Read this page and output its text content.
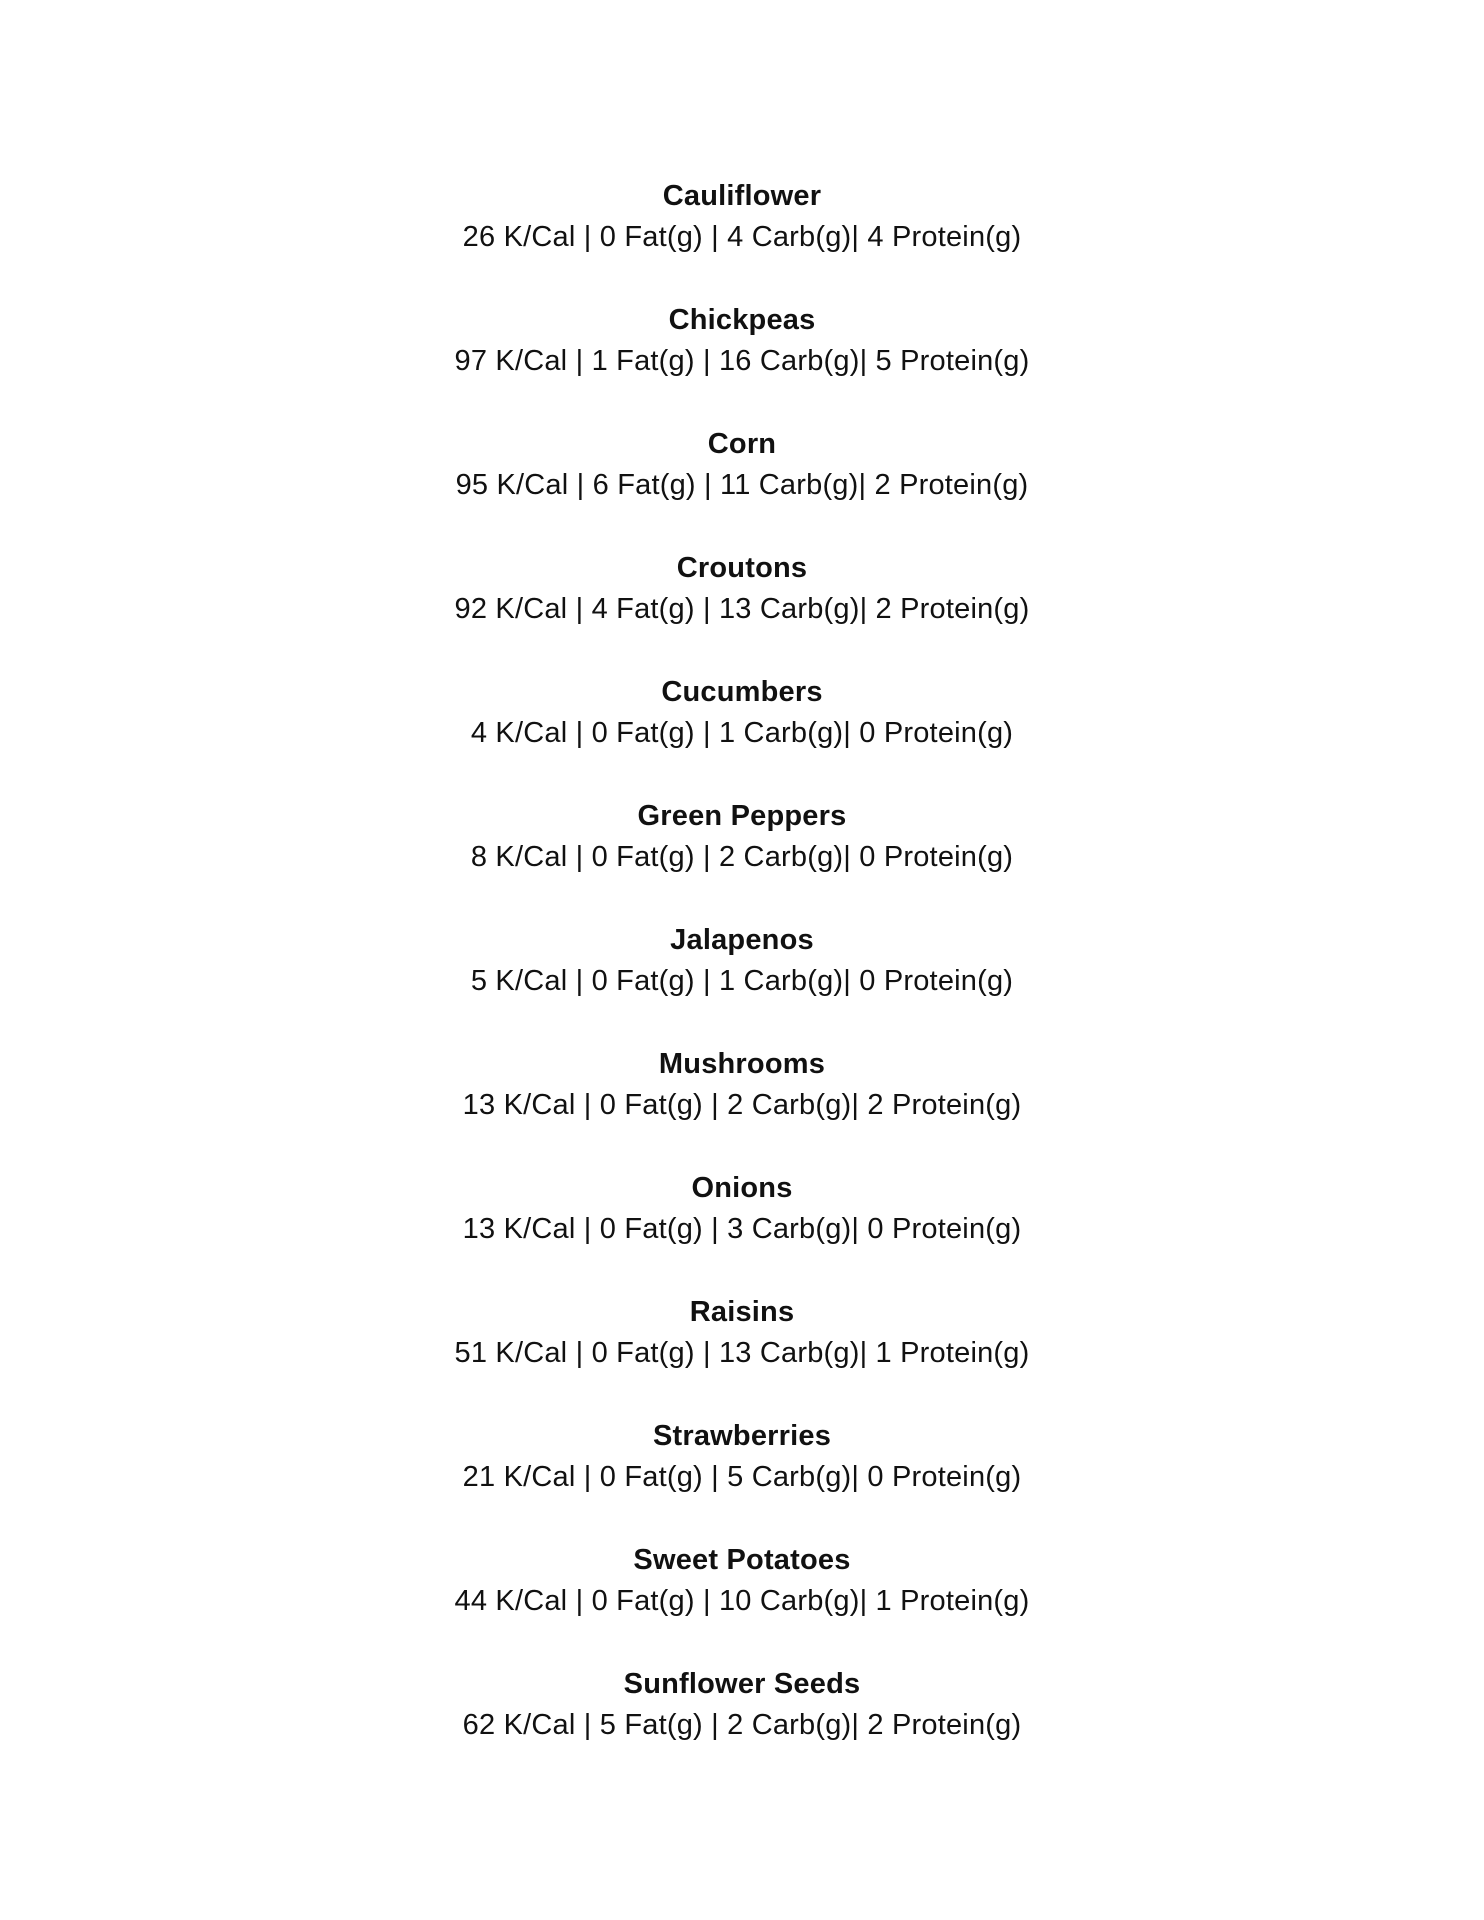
Cauliflower
26 K/Cal | 0 Fat(g) | 4 Carb(g)| 4 Protein(g)
Chickpeas
97 K/Cal | 1 Fat(g) | 16 Carb(g)| 5 Protein(g)
Corn
95 K/Cal | 6 Fat(g) | 11 Carb(g)| 2 Protein(g)
Croutons
92 K/Cal | 4 Fat(g) | 13 Carb(g)| 2 Protein(g)
Cucumbers
4 K/Cal | 0 Fat(g) | 1 Carb(g)| 0 Protein(g)
Green Peppers
8 K/Cal | 0 Fat(g) | 2 Carb(g)| 0 Protein(g)
Jalapenos
5 K/Cal | 0 Fat(g) | 1 Carb(g)| 0 Protein(g)
Mushrooms
13 K/Cal | 0 Fat(g) | 2 Carb(g)| 2 Protein(g)
Onions
13 K/Cal | 0 Fat(g) | 3 Carb(g)| 0 Protein(g)
Raisins
51 K/Cal | 0 Fat(g) | 13 Carb(g)| 1 Protein(g)
Strawberries
21 K/Cal | 0 Fat(g) | 5 Carb(g)| 0 Protein(g)
Sweet Potatoes
44 K/Cal | 0 Fat(g) | 10 Carb(g)| 1 Protein(g)
Sunflower Seeds
62 K/Cal | 5 Fat(g) | 2 Carb(g)| 2 Protein(g)
